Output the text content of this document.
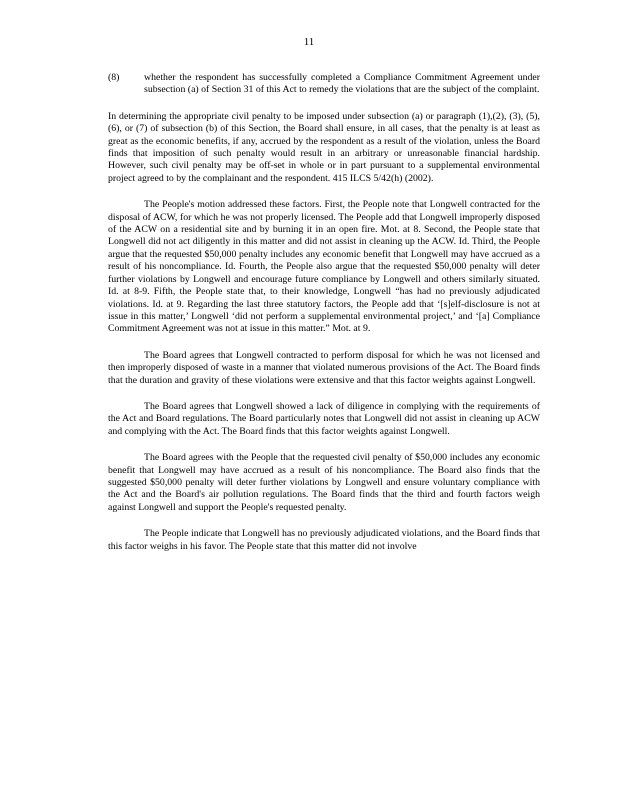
11
(8)	whether the respondent has successfully completed a Compliance Commitment Agreement under subsection (a) of Section 31 of this Act to remedy the violations that are the subject of the complaint.

In determining the appropriate civil penalty to be imposed under subsection (a) or paragraph (1),(2), (3), (5), (6), or (7) of subsection (b) of this Section, the Board shall ensure, in all cases, that the penalty is at least as great as the economic benefits, if any, accrued by the respondent as a result of the violation, unless the Board finds that imposition of such penalty would result in an arbitrary or unreasonable financial hardship. However, such civil penalty may be off-set in whole or in part pursuant to a supplemental environmental project agreed to by the complainant and the respondent. 415 ILCS 5/42(h) (2002).

The People's motion addressed these factors. First, the People note that Longwell contracted for the disposal of ACW, for which he was not properly licensed. The People add that Longwell improperly disposed of the ACW on a residential site and by burning it in an open fire. Mot. at 8. Second, the People state that Longwell did not act diligently in this matter and did not assist in cleaning up the ACW. Id. Third, the People argue that the requested $50,000 penalty includes any economic benefit that Longwell may have accrued as a result of his noncompliance. Id. Fourth, the People also argue that the requested $50,000 penalty will deter further violations by Longwell and encourage future compliance by Longwell and others similarly situated. Id. at 8-9. Fifth, the People state that, to their knowledge, Longwell “has had no previously adjudicated violations. Id. at 9. Regarding the last three statutory factors, the People add that ‘[s]elf-disclosure is not at issue in this matter,’ Longwell ‘did not perform a supplemental environmental project,’ and ‘[a] Compliance Commitment Agreement was not at issue in this matter.” Mot. at 9.

The Board agrees that Longwell contracted to perform disposal for which he was not licensed and then improperly disposed of waste in a manner that violated numerous provisions of the Act. The Board finds that the duration and gravity of these violations were extensive and that this factor weights against Longwell.

The Board agrees that Longwell showed a lack of diligence in complying with the requirements of the Act and Board regulations. The Board particularly notes that Longwell did not assist in cleaning up ACW and complying with the Act. The Board finds that this factor weights against Longwell.

The Board agrees with the People that the requested civil penalty of $50,000 includes any economic benefit that Longwell may have accrued as a result of his noncompliance. The Board also finds that the suggested $50,000 penalty will deter further violations by Longwell and ensure voluntary compliance with the Act and the Board's air pollution regulations. The Board finds that the third and fourth factors weigh against Longwell and support the People's requested penalty.

The People indicate that Longwell has no previously adjudicated violations, and the Board finds that this factor weighs in his favor. The People state that this matter did not involve
